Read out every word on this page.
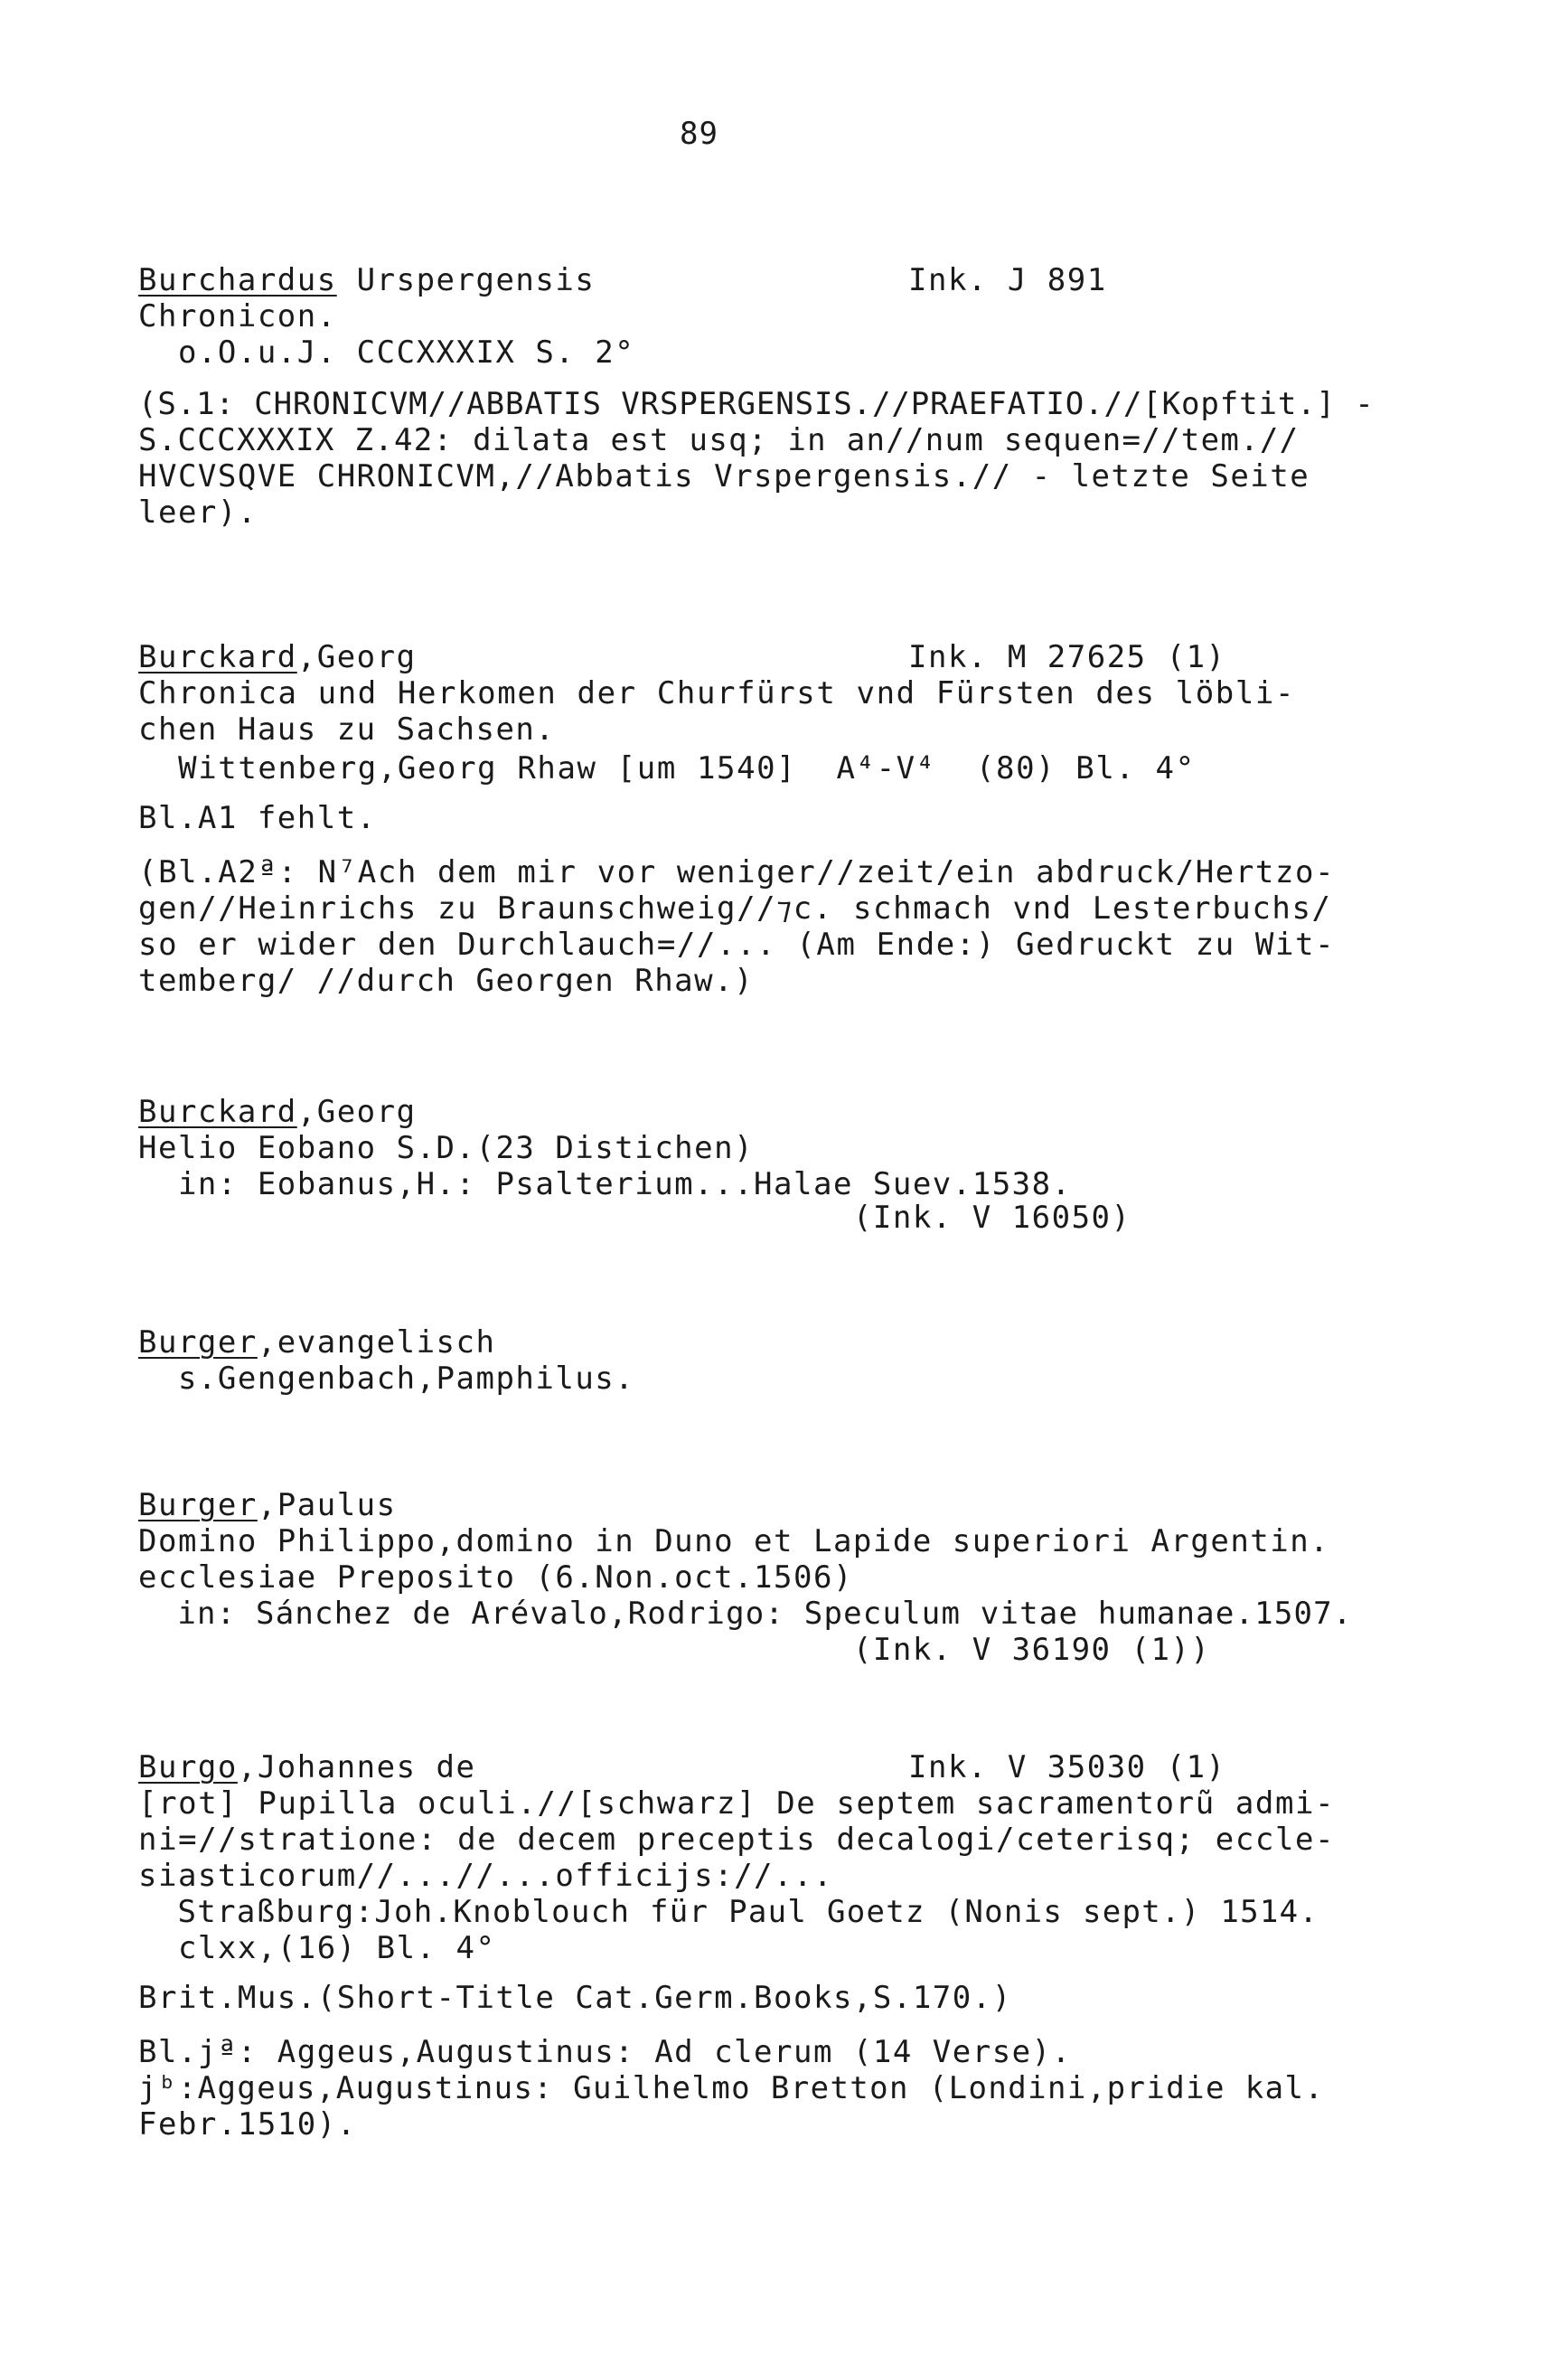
89
Burchardus Urspergensis	Ink. J 891
Chronicon.
o.O.u.J. CCCXXXIX S. 2°
(S.1: CHRONICVM//ABBATIS VRSPERGENSIS.//PRAEFATIO.//[Kopftit.] -
S.CCCXXXIX Z.42: dilata est usq; in an//num sequen=//tem.//
HVCVSQVE CHRONICVM,//Abbatis Vrspergensis.// - letzte Seite
leer).
Burckard,Georg	Ink. M 27625 (1)
Chronica und Herkomen der Churfürst vnd Fürsten des löbli-
chen Haus zu Sachsen.
Wittenberg,Georg Rhaw [um 1540]  A⁴-V⁴  (80) Bl. 4°
Bl.A1 fehlt.
(Bl.A2ª: N⁷Ach dem mir vor weniger//zeit/ein abdruck/Hertzo-
gen//Heinrichs zu Braunschweig//⁊c. schmach vnd Lesterbuchs/
so er wider den Durchlauch=//... (Am Ende:) Gedruckt zu Wit-
temberg/ //durch Georgen Rhaw.)
Burckard,Georg
Helio Eobano S.D.(23 Distichen)
in: Eobanus,H.: Psalterium...Halae Suev.1538.
(Ink. V 16050)
Burger,evangelisch
s.Gengenbach,Pamphilus.
Burger,Paulus
Domino Philippo,domino in Duno et Lapide superiori Argentin.
ecclesiae Preposito (6.Non.oct.1506)
in: Sánchez de Arévalo,Rodrigo: Speculum vitae humanae.1507.
(Ink. V 36190 (1))
Burgo,Johannes de	Ink. V 35030 (1)
[rot] Pupilla oculi.//[schwarz] De septem sacramentorũ admi-
ni=//stratione: de decem preceptis decalogi/ceterisq; eccle-
siasticorum//...//...officijs://...
Straßburg:Joh.Knoblouch für Paul Goetz (Nonis sept.) 1514.
clxx,(16) Bl. 4°
Brit.Mus.(Short-Title Cat.Germ.Books,S.170.)
Bl.jª: Aggeus,Augustinus: Ad clerum (14 Verse).
jᵇ:Aggeus,Augustinus: Guilhelmo Bretton (Londini,pridie kal.
Febr.1510).
